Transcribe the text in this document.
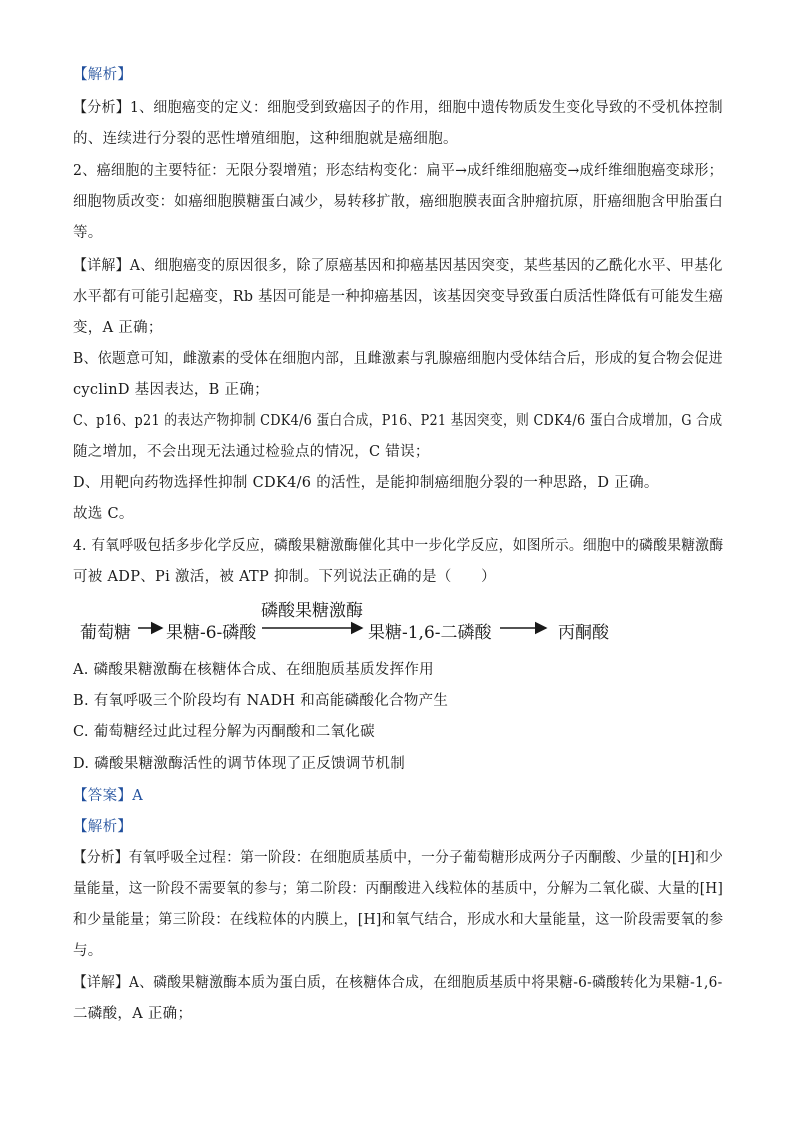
【解析】
【分析】1、细胞癌变的定义：细胞受到致癌因子的作用，细胞中遗传物质发生变化导致的不受机体控制
的、连续进行分裂的恶性增殖细胞，这种细胞就是癌细胞。
2、癌细胞的主要特征：无限分裂增殖；形态结构变化：扁平→成纤维细胞癌变→成纤维细胞癌变球形；
细胞物质改变：如癌细胞膜糖蛋白减少，易转移扩散，癌细胞膜表面含肿瘤抗原，肝癌细胞含甲胎蛋白
等。
【详解】A、细胞癌变的原因很多，除了原癌基因和抑癌基因基因突变，某些基因的乙酰化水平、甲基化
水平都有可能引起癌变，Rb 基因可能是一种抑癌基因，该基因突变导致蛋白质活性降低有可能发生癌
变，A 正确；
B、依题意可知，雌激素的受体在细胞内部，且雌激素与乳腺癌细胞内受体结合后，形成的复合物会促进
cyclinD 基因表达，B 正确；
C、p16、p21 的表达产物抑制 CDK4/6 蛋白合成，P16、P21 基因突变，则 CDK4/6 蛋白合成增加，G 合成
随之增加，不会出现无法通过检验点的情况，C 错误；
D、用靶向药物选择性抑制 CDK4/6 的活性，是能抑制癌细胞分裂的一种思路，D 正确。
故选 C。
4. 有氧呼吸包括多步化学反应，磷酸果糖激酶催化其中一步化学反应，如图所示。细胞中的磷酸果糖激酶
可被 ADP、Pi 激活，被 ATP 抑制。下列说法正确的是（　　）
葡萄糖 果糖-6-磷酸
磷酸果糖激酶
果糖-1,6-二磷酸	丙酮酸
A. 磷酸果糖激酶在核糖体合成、在细胞质基质发挥作用
B. 有氧呼吸三个阶段均有 NADH 和高能磷酸化合物产生
C. 葡萄糖经过此过程分解为丙酮酸和二氧化碳
D. 磷酸果糖激酶活性的调节体现了正反馈调节机制
【答案】A
【解析】
【分析】有氧呼吸全过程：第一阶段：在细胞质基质中，一分子葡萄糖形成两分子丙酮酸、少量的[H]和少
量能量，这一阶段不需要氧的参与；第二阶段：丙酮酸进入线粒体的基质中，分解为二氧化碳、大量的[H]
和少量能量；第三阶段：在线粒体的内膜上，[H]和氧气结合，形成水和大量能量，这一阶段需要氧的参
与。
【详解】A、磷酸果糖激酶本质为蛋白质，在核糖体合成，在细胞质基质中将果糖-6-磷酸转化为果糖-1,6-
二磷酸，A 正确；
